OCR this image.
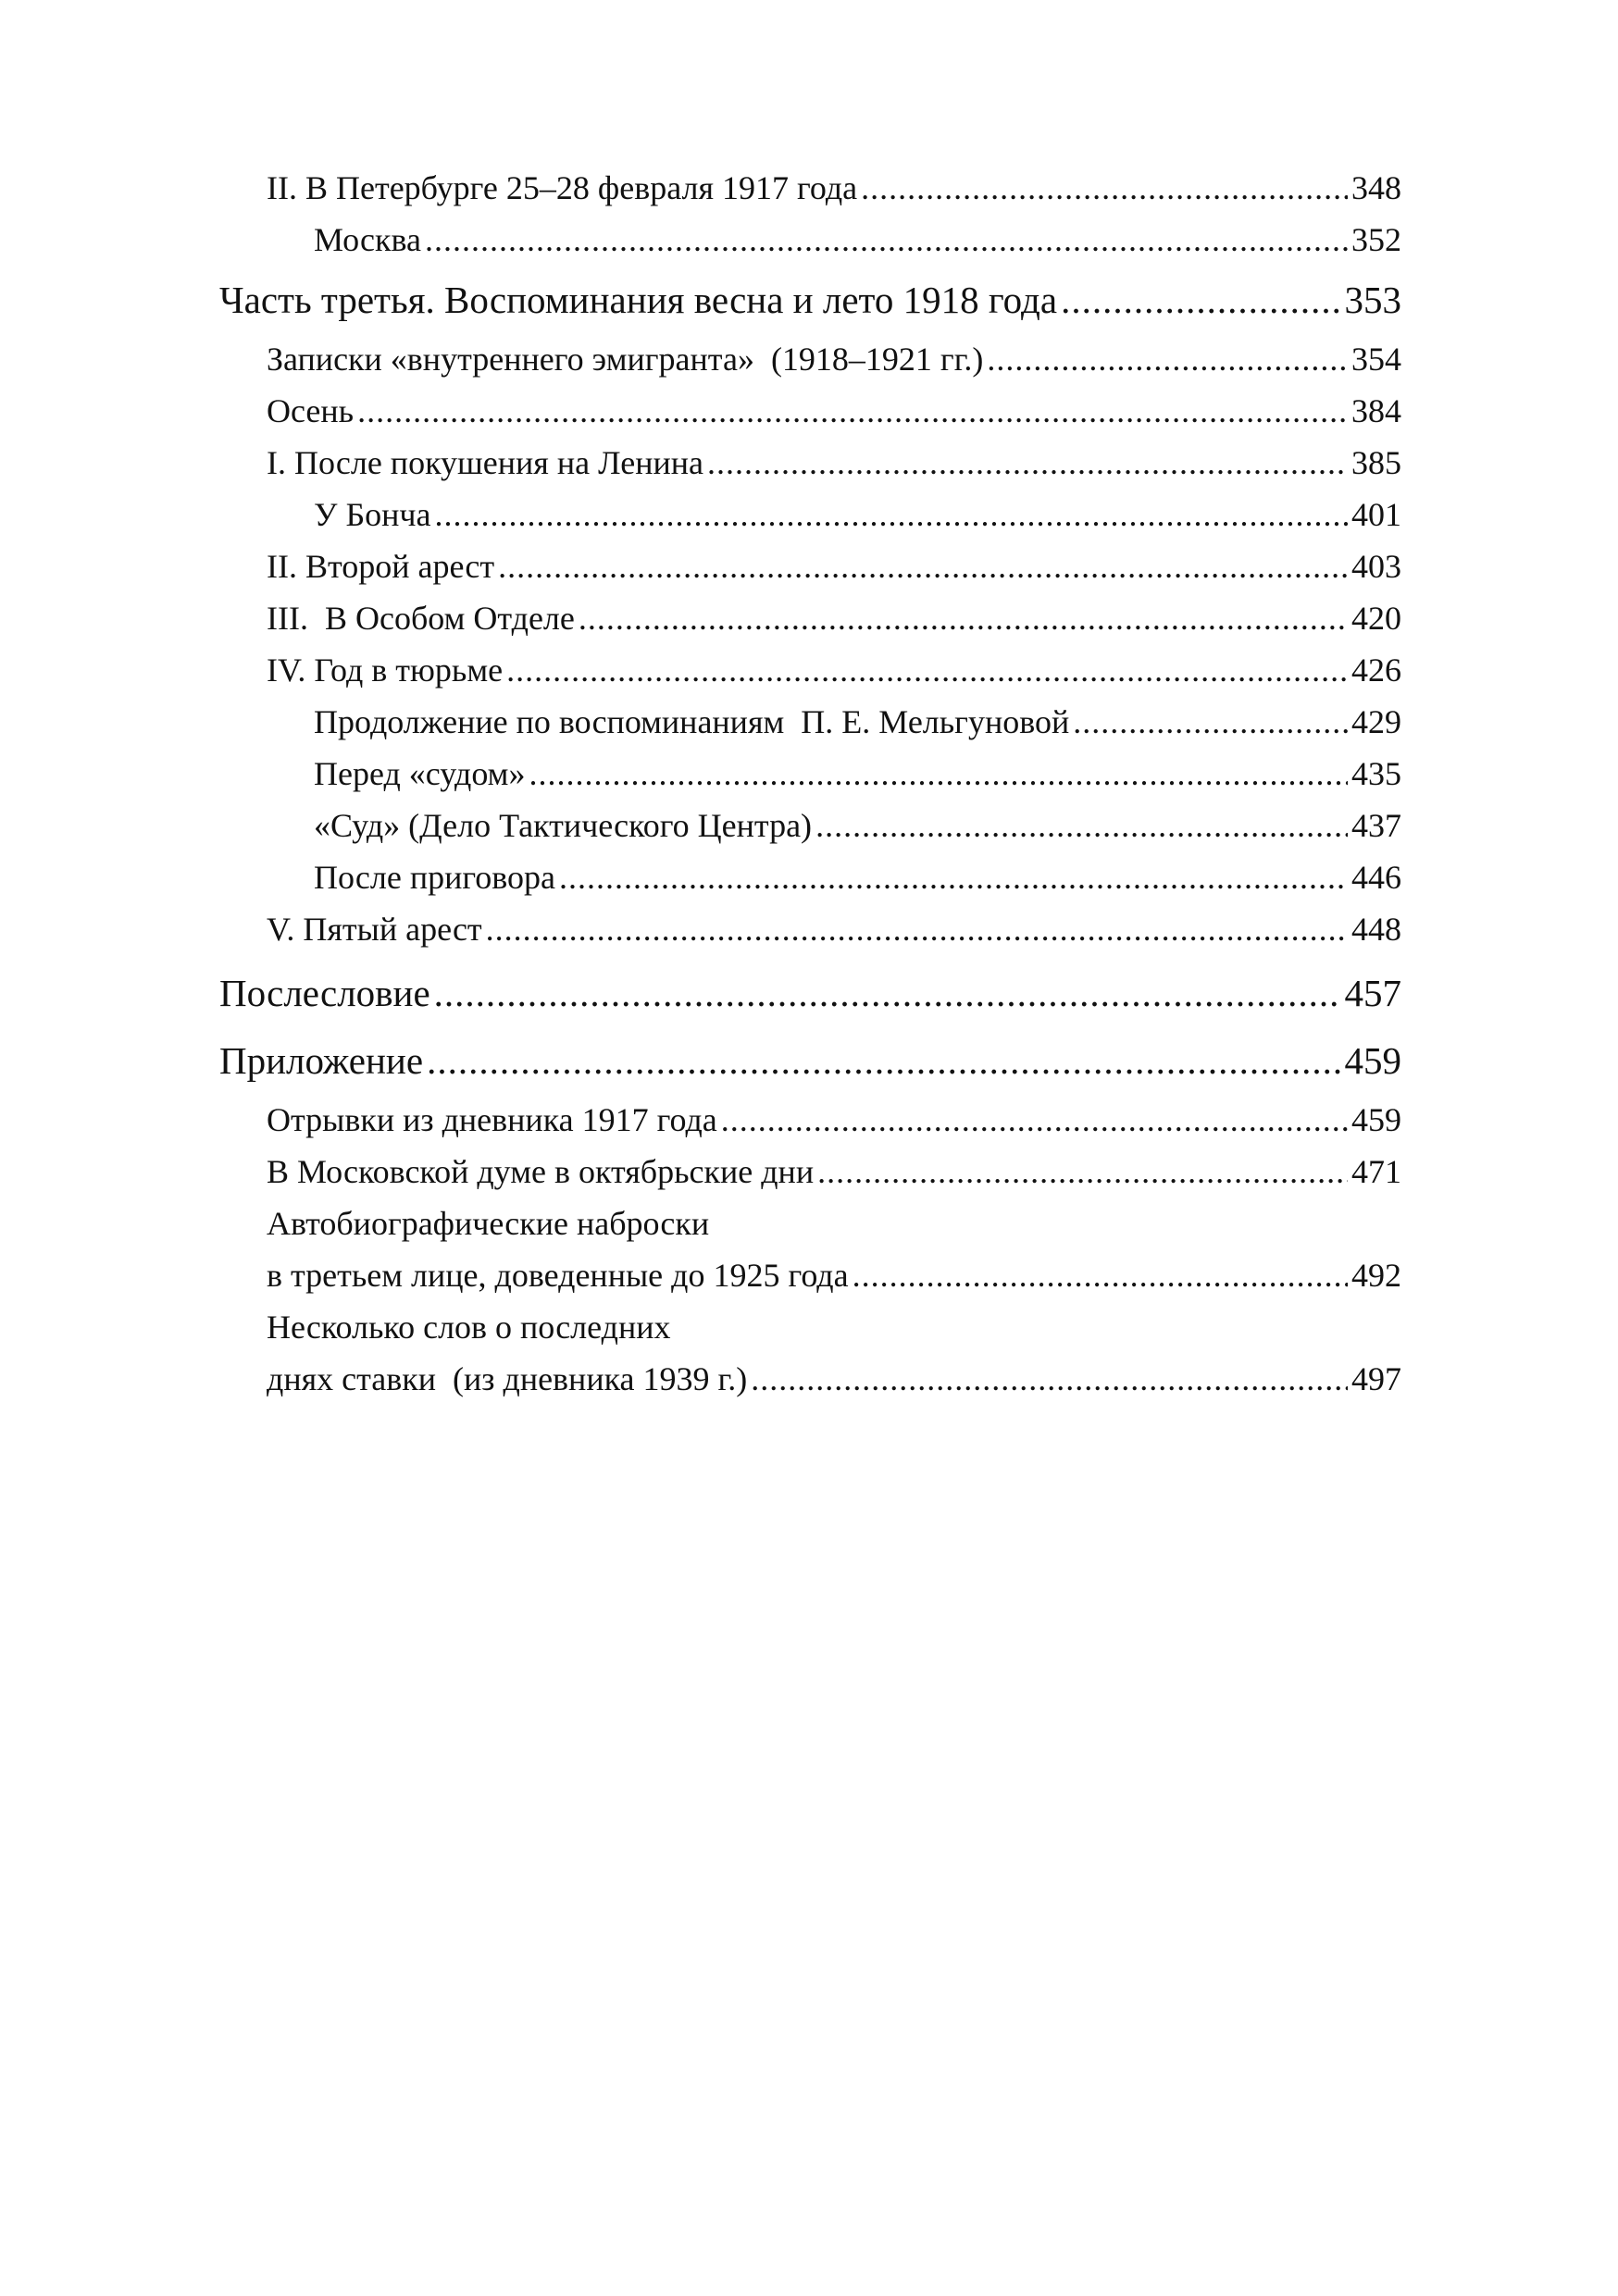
II. В Петербурге 25–28 февраля 1917 года .....	348
Москва .....	352
Часть третья. Воспоминания весна и лето 1918 года .....	353
Записки «внутреннего эмигранта»  (1918–1921 гг.) .....	354
Осень .....	384
I. После покушения на Ленина .....	385
У Бонча .....	401
II. Второй арест .....	403
III.  В Особом Отделе .....	420
IV. Год в тюрьме .....	426
Продолжение по воспоминаниям  П. Е. Мельгуновой .....	429
Перед «судом» .....	435
«Суд» (Дело Тактического Центра) .....	437
После приговора .....	446
V. Пятый арест .....	448
Послесловие .....	457
Приложение .....	459
Отрывки из дневника 1917 года .....	459
В Московской думе в октябрьские дни .....	471
Автобиографические наброски
в третьем лице, доведенные до 1925 года .....	492
Несколько слов о последних
днях ставки  (из дневника 1939 г.) .....	497
